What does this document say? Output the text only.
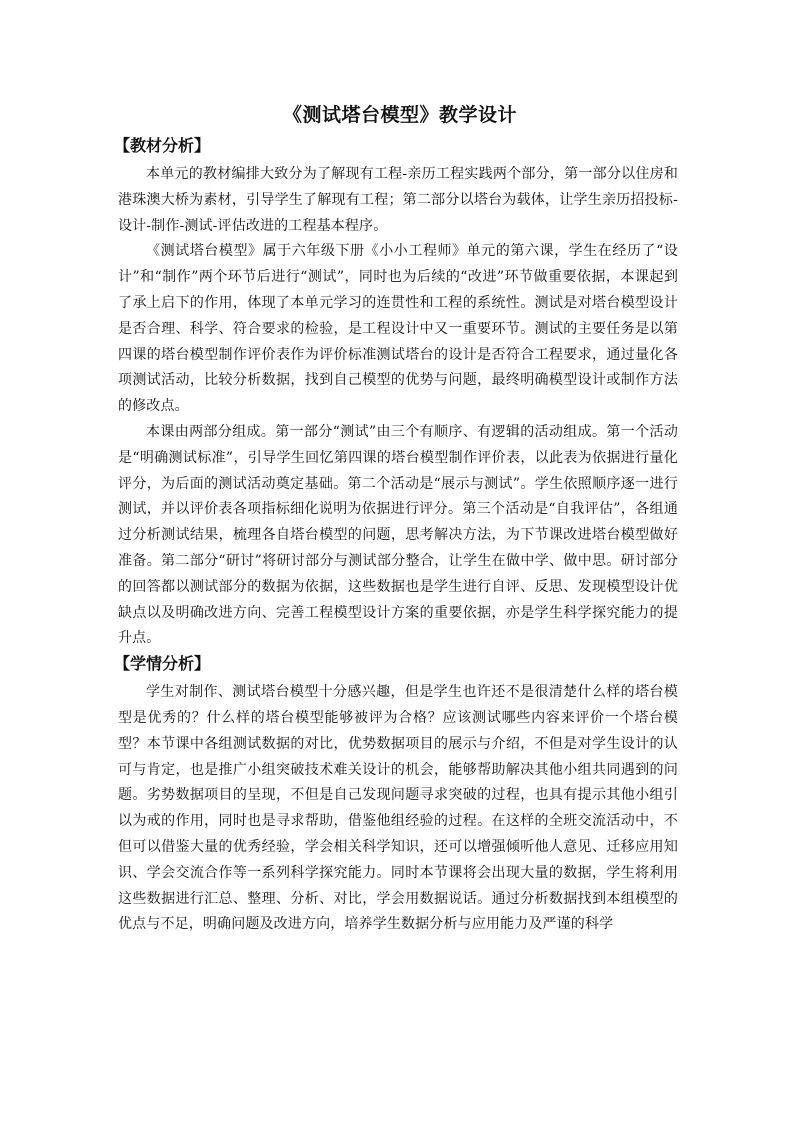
《测试塔台模型》教学设计
【教材分析】

本单元的教材编排大致分为了解现有工程-亲历工程实践两个部分，第一部分以住房和港珠澳大桥为素材，引导学生了解现有工程；第二部分以塔台为载体，让学生亲历招投标-设计-制作-测试-评估改进的工程基本程序。

《测试塔台模型》属于六年级下册《小小工程师》单元的第六课，学生在经历了“设计”和“制作”两个环节后进行“测试”，同时也为后续的“改进”环节做重要依据，本课起到了承上启下的作用，体现了本单元学习的连贯性和工程的系统性。测试是对塔台模型设计是否合理、科学、符合要求的检验，是工程设计中又一重要环节。测试的主要任务是以第四课的塔台模型制作评价表作为评价标准测试塔台的设计是否符合工程要求，通过量化各项测试活动，比较分析数据，找到自己模型的优势与问题，最终明确模型设计或制作方法的修改点。

本课由两部分组成。第一部分“测试”由三个有顺序、有逻辑的活动组成。第一个活动是“明确测试标准”，引导学生回忆第四课的塔台模型制作评价表，以此表为依据进行量化评分，为后面的测试活动奠定基础。第二个活动是“展示与测试”。学生依照顺序逐一进行测试，并以评价表各项指标细化说明为依据进行评分。第三个活动是“自我评估”，各组通过分析测试结果，梳理各自塔台模型的问题，思考解决方法，为下节课改进塔台模型做好准备。第二部分“研讨”将研讨部分与测试部分整合，让学生在做中学、做中思。研讨部分的回答都以测试部分的数据为依据，这些数据也是学生进行自评、反思、发现模型设计优缺点以及明确改进方向、完善工程模型设计方案的重要依据，亦是学生科学探究能力的提升点。

【学情分析】

学生对制作、测试塔台模型十分感兴趣，但是学生也许还不是很清楚什么样的塔台模型是优秀的？什么样的塔台模型能够被评为合格？应该测试哪些内容来评价一个塔台模型？本节课中各组测试数据的对比，优势数据项目的展示与介绍，不但是对学生设计的认可与肯定，也是推广小组突破技术难关设计的机会，能够帮助解决其他小组共同遇到的问题。劣势数据项目的呈现，不但是自己发现问题寻求突破的过程，也具有提示其他小组引以为戒的作用，同时也是寻求帮助，借鉴他组经验的过程。在这样的全班交流活动中，不但可以借鉴大量的优秀经验，学会相关科学知识，还可以增强倾听他人意见、迁移应用知识、学会交流合作等一系列科学探究能力。同时本节课将会出现大量的数据，学生将利用这些数据进行汇总、整理、分析、对比，学会用数据说话。通过分析数据找到本组模型的优点与不足，明确问题及改进方向，培养学生数据分析与应用能力及严谨的科学
